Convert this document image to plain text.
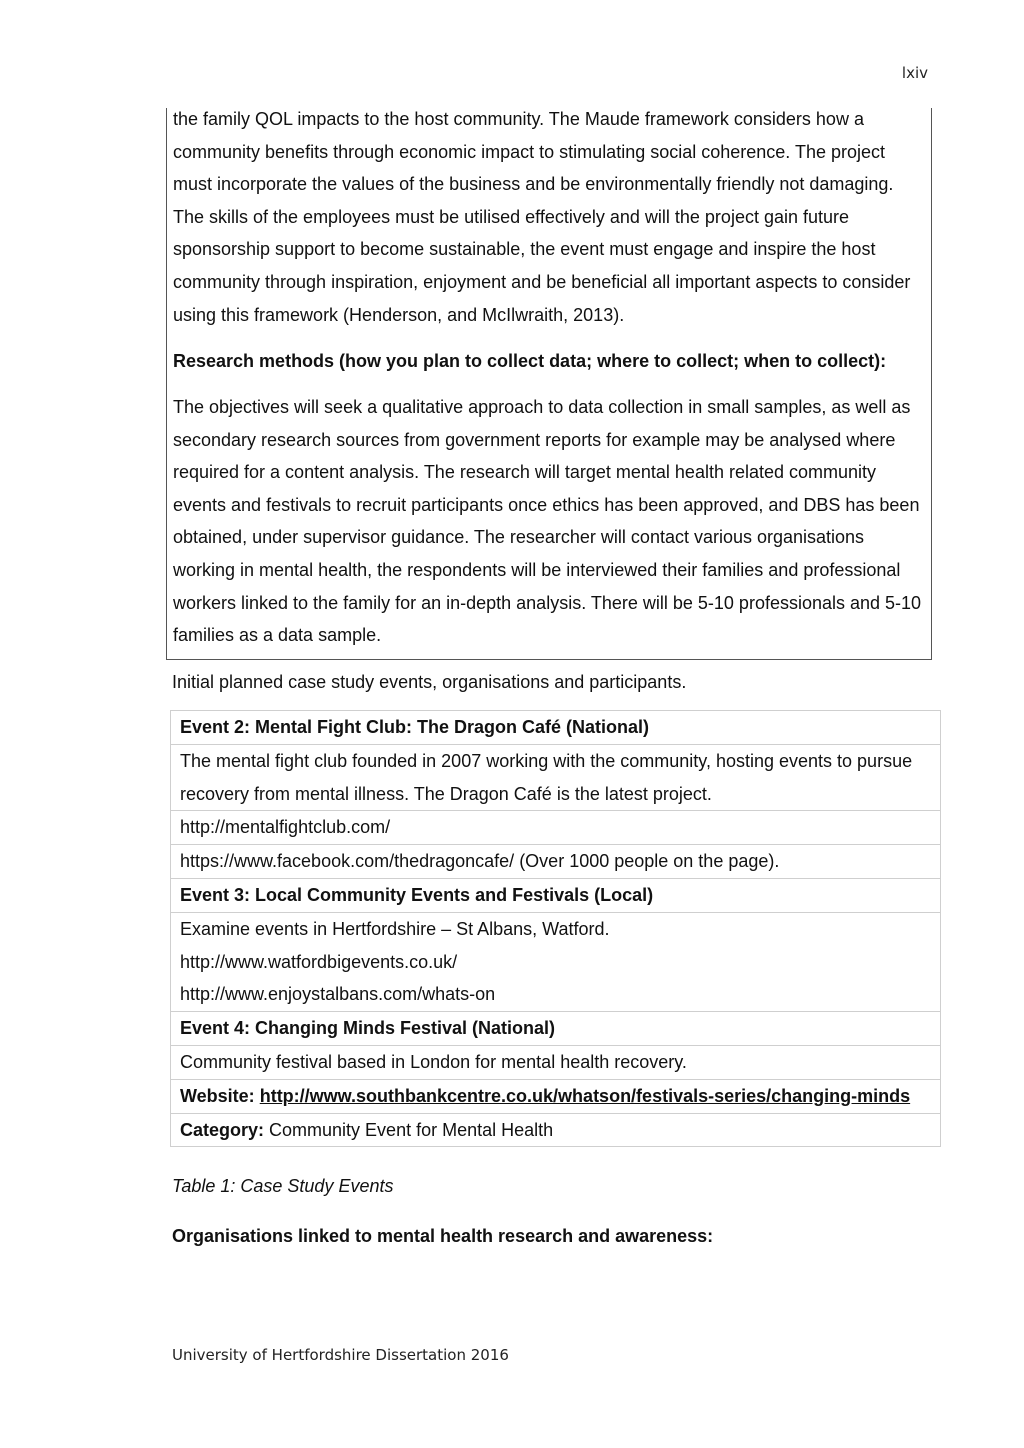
lxiv

the family QOL impacts to the host community. The Maude framework considers how a community benefits through economic impact to stimulating social coherence. The project must incorporate the values of the business and be environmentally friendly not damaging. The skills of the employees must be utilised effectively and will the project gain future sponsorship support to become sustainable, the event must engage and inspire the host community through inspiration, enjoyment and be beneficial all important aspects to consider using this framework (Henderson, and McIlwraith, 2013).

Research methods (how you plan to collect data; where to collect; when to collect):

The objectives will seek a qualitative approach to data collection in small samples, as well as secondary research sources from government reports for example may be analysed where required for a content analysis. The research will target mental health related community events and festivals to recruit participants once ethics has been approved, and DBS has been obtained, under supervisor guidance. The researcher will contact various organisations working in mental health, the respondents will be interviewed their families and professional workers linked to the family for an in-depth analysis. There will be 5-10 professionals and 5-10 families as a data sample.

Initial planned case study events, organisations and participants.

Event 2: Mental Fight Club: The Dragon Café (National)
The mental fight club founded in 2007 working with the community, hosting events to pursue recovery from mental illness. The Dragon Café is the latest project.
http://mentalfightclub.com/
https://www.facebook.com/thedragoncafe/ (Over 1000 people on the page).
Event 3: Local Community Events and Festivals (Local)

Examine events in Hertfordshire – St Albans, Watford.
http://www.watfordbigevents.co.uk/
http://www.enjoystalbans.com/whats-on

Event 4: Changing Minds Festival (National)
Community festival based in London for mental health recovery.
Website: http://www.southbankcentre.co.uk/whatson/festivals-series/changing-minds
Category: Community Event for Mental Health

Table 1: Case Study Events

Organisations linked to mental health research and awareness:

University of Hertfordshire Dissertation 2016
